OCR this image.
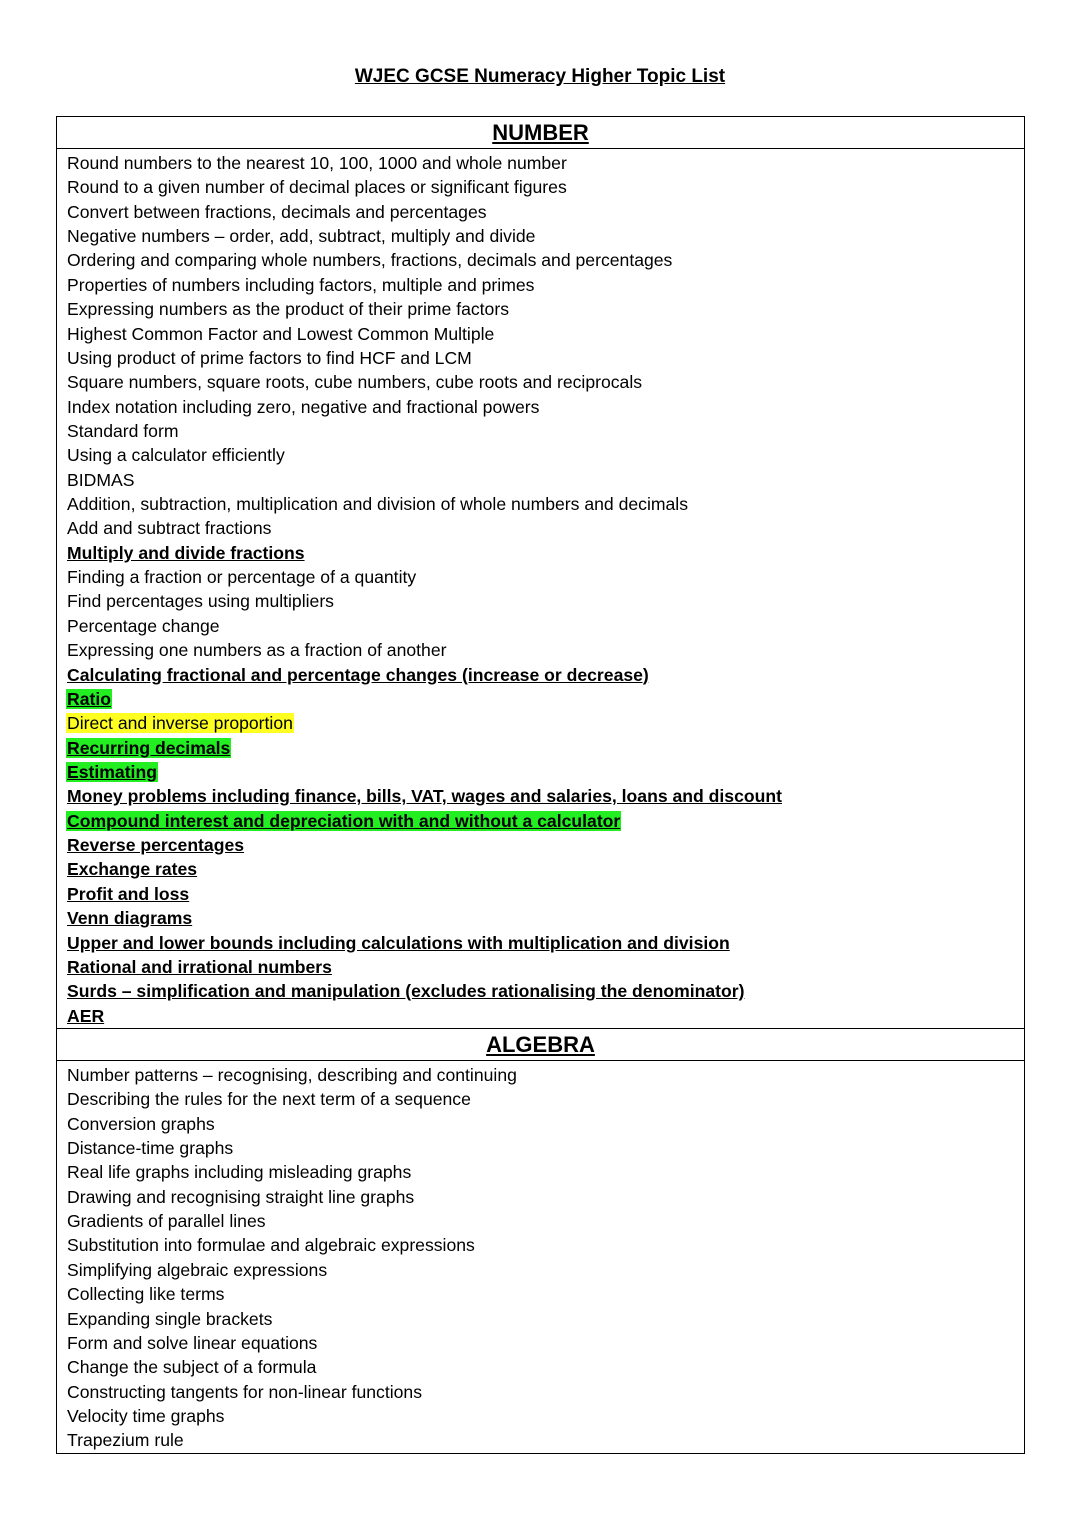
WJEC GCSE Numeracy Higher Topic List
NUMBER

Round numbers to the nearest 10, 100, 1000 and whole number
Round to a given number of decimal places or significant figures
Convert between fractions, decimals and percentages
Negative numbers – order, add, subtract, multiply and divide
Ordering and comparing whole numbers, fractions, decimals and percentages
Properties of numbers including factors, multiple and primes
Expressing numbers as the product of their prime factors
Highest Common Factor and Lowest Common Multiple
Using product of prime factors to find HCF and LCM
Square numbers, square roots, cube numbers, cube roots and reciprocals
Index notation including zero, negative and fractional powers
Standard form
Using a calculator efficiently
BIDMAS
Addition, subtraction, multiplication and division of whole numbers and decimals
Add and subtract fractions
Multiply and divide fractions
Finding a fraction or percentage of a quantity
Find percentages using multipliers
Percentage change
Expressing one numbers as a fraction of another
Calculating fractional and percentage changes (increase or decrease)
Ratio
Direct and inverse proportion
Recurring decimals
Estimating
Money problems including finance, bills, VAT, wages and salaries, loans and discount
Compound interest and depreciation with and without a calculator
Reverse percentages
Exchange rates
Profit and loss
Venn diagrams
Upper and lower bounds including calculations with multiplication and division
Rational and irrational numbers
Surds – simplification and manipulation (excludes rationalising the denominator)
AER

ALGEBRA

Number patterns – recognising, describing and continuing
Describing the rules for the next term of a sequence
Conversion graphs
Distance-time graphs
Real life graphs including misleading graphs
Drawing and recognising straight line graphs
Gradients of parallel lines
Substitution into formulae and algebraic expressions
Simplifying algebraic expressions
Collecting like terms
Expanding single brackets
Form and solve linear equations
Change the subject of a formula
Constructing tangents for non-linear functions
Velocity time graphs
Trapezium rule
